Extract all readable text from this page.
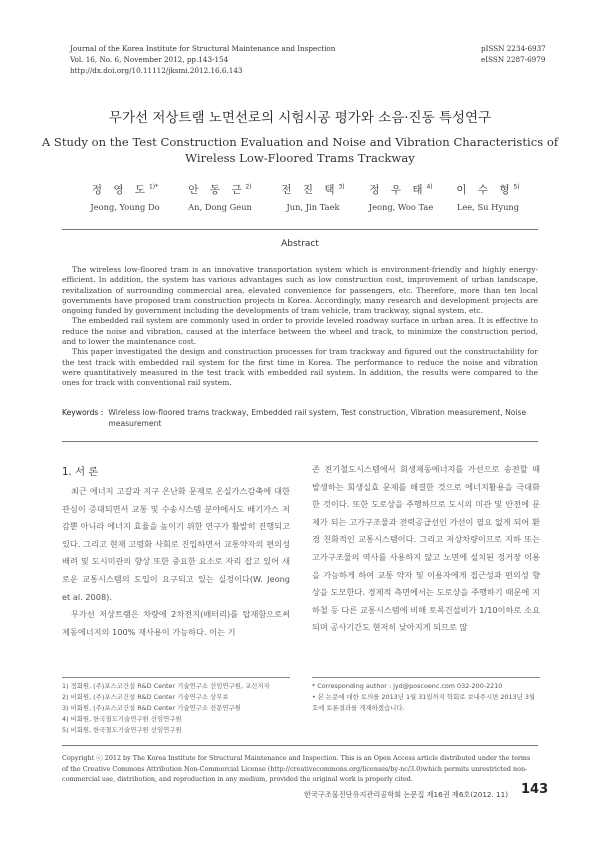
Journal of the Korea Institute for Structural Maintenance and Inspection
Vol. 16, No. 6, November 2012, pp.143-154
http://dx.doi.org/10.11112/jksmi.2012.16.6.143
pISSN 2234-6937
eISSN 2287-6979
무가선 저상트램 노면선로의 시험시공 평가와 소음·진동 특성연구
A Study on the Test Construction Evaluation and Noise and Vibration Characteristics of Wireless Low-Floored Trams Trackway
정 영 도$^{1)*}$
Jeong, Young Do
안 동 근$^{2)}$
An, Dong Geun
전 진 택$^{3)}$
Jun, Jin Taek
정 우 태$^{4)}$
Jeong, Woo Tae
이 수 형$^{5)}$
Lee, Su Hyung
Abstract

The wireless low-floored tram is an innovative transportation system which is environment-friendly and highly energy-efficient. In addition, the system has various advantages such as low construction cost, improvement of urban landscape, revitalization of surrounding commercial area, elevated convenience for passengers, etc. Therefore, more than ten local governments have proposed tram construction projects in Korea. Accordingly, many research and development projects are ongoing funded by government including the developments of tram vehicle, tram trackway, signal system, etc.

The embedded rail system are commonly used in order to provide leveled roadway surface in urban area. It is effective to reduce the noise and vibration, caused at the interface between the wheel and track, to minimize the construction period, and to lower the maintenance cost.

This paper investigated the design and construction processes for tram trackway and figured out the constructability for the test track with embedded rail system for the first time in Korea. The performance to reduce the noise and vibration were quantitatively measured in the test track with embedded rail system. In addition, the results were compared to the ones for track with conventional rail system.

Keywords : Wireless low-floored trams trackway, Embedded rail system, Test construction, Vibration measurement, Noise measurement
1. 서 론

최근 에너지 고갈과 지구 온난화 문제로 온실가스감축에 대한 관심이 증대되면서 교통 및 수송시스템 분야에서도 배기가스 저감뿐 아니라 에너지 효율을 높이기 위한 연구가 활발히 진행되고 있다. 그리고 현재 고령화 사회로 진입하면서 교통약자의 편의성 배려 및 도시미관의 향상 또한 중요한 요소로 자리 잡고 있어 새로운 교통시스템의 도입이 요구되고 있는 실정이다(W. Jeong et al. 2008).

무가선 저상트램은 차량에 2차전지(배터리)를 탑재함으로써 제동에너지의 100% 재사용이 가능하다. 이는 기

존 전기철도시스템에서 회생제동에너지를 가선으로 송전할 때 발생하는 회생실효 문제를 해결한 것으로 에너지활용을 극대화 한 것이다. 또한 도로상을 주행하므로 도시의 미관 및 안전에 문제가 되는 고가구조물과 전력공급선인 가선이 필요 없게 되어 환경 친화적인 교통시스템이다. 그리고 저상차량이므로 지하 또는 고가구조물의 역사를 사용하지 않고 노면에 설치된 정거장 이용을 가능하게 하여 교통 약자 및 이용자에게 접근성과 편의성 향상을 도모한다. 경제적 측면에서는 도로상을 주행하기 때문에 지하철 등 다른 교통시스템에 비해 토목건설비가 1/10이하로 소요되며 공사기간도 현저히 낮아지게 되므로 많

1) 정회원, (주)포스코건설 R&D Center 기술연구소 선임연구원, 교신저자
2) 비회원, (주)포스코건설 R&D Center 기술연구소 상무보
3) 비회원, (주)포스코건설 R&D Center 기술연구소 전문연구원
4) 비회원, 한국철도기술연구원 선임연구원
5) 비회원, 한국철도기술연구원 선임연구원
* Corresponding author : jyd@poscoenc.com 032-200-2210
• 본 논문에 대한 토의를 2013년 1월 31일까지 학회로 보내주시면 2013년 3월호에 토론결과를 게재하겠습니다.
Copyright ⓒ 2012 by The Korea Institute for Structural Maintenance and Inspection. This is an Open Access article distributed under the terms of the Creative Commons Attribution Non-Commercial License (http://creativecommons.org/licenses/by-nc/3.0)which permits unrestricted non-commercial use, distribution, and reproduction in any medium, provided the original work is properly cited.
한국구조물진단유지관리공학회 논문집 제16권 제6호(2012. 11) 143
